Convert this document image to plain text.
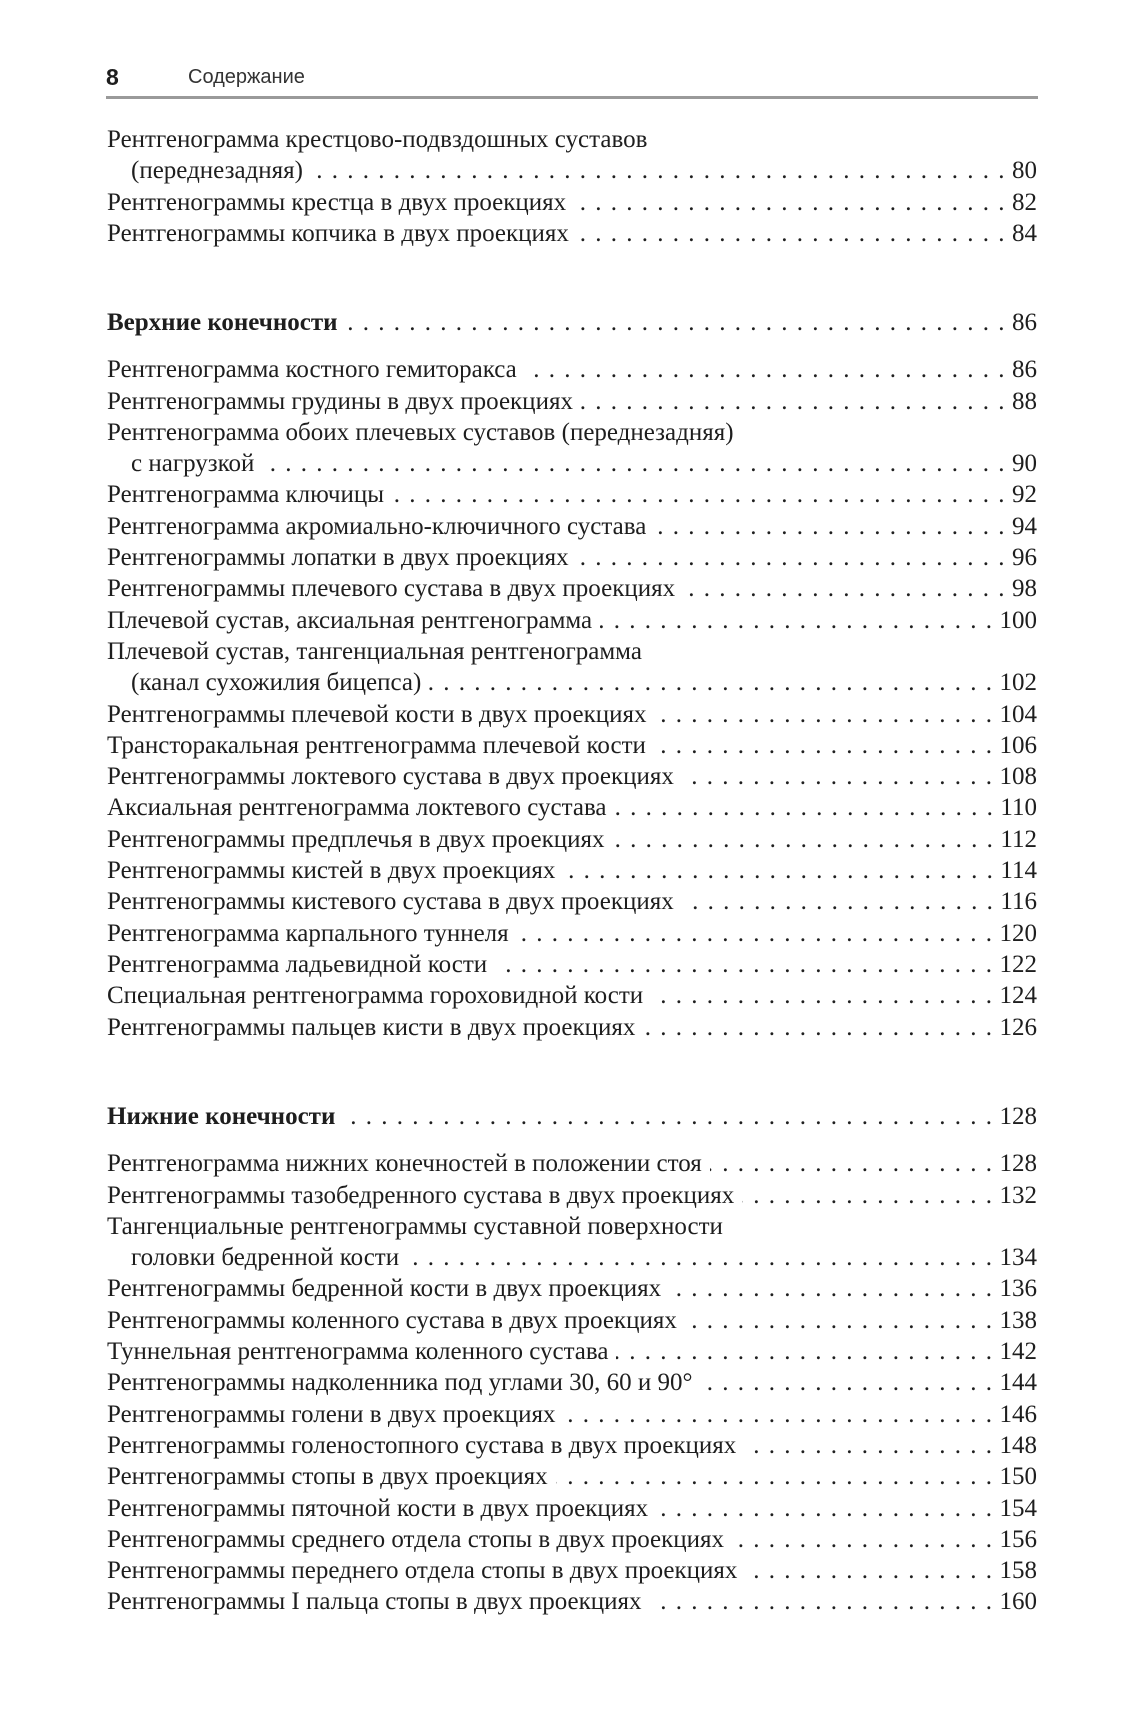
8	Содержание
Рентгенограмма крестцово-подвздошных суставов
(переднезадняя) . . .	80
Рентгенограммы крестца в двух проекциях . . .	82
Рентгенограммы копчика в двух проекциях . . .	84
Верхние конечности . . .	86
Рентгенограмма костного гемиторакса . . .	86
Рентгенограммы грудины в двух проекциях . . .	88
Рентгенограмма обоих плечевых суставов (переднезадняя)
с нагрузкой . . .	90
Рентгенограмма ключицы . . .	92
Рентгенограмма акромиально-ключичного сустава . . .	94
Рентгенограммы лопатки в двух проекциях . . .	96
Рентгенограммы плечевого сустава в двух проекциях . . .	98
Плечевой сустав, аксиальная рентгенограмма . . .	100
Плечевой сустав, тангенциальная рентгенограмма
(канал сухожилия бицепса) . . .	102
Рентгенограммы плечевой кости в двух проекциях . . .	104
Трансторакальная рентгенограмма плечевой кости . . .	106
Рентгенограммы локтевого сустава в двух проекциях . . .	108
Аксиальная рентгенограмма локтевого сустава . . .	110
Рентгенограммы предплечья в двух проекциях . . .	112
Рентгенограммы кистей в двух проекциях . . .	114
Рентгенограммы кистевого сустава в двух проекциях . . .	116
Рентгенограмма карпального туннеля . . .	120
Рентгенограмма ладьевидной кости . . .	122
Специальная рентгенограмма гороховидной кости . . .	124
Рентгенограммы пальцев кисти в двух проекциях . . .	126
Нижние конечности . . .	128
Рентгенограмма нижних конечностей в положении стоя . . .	128
Рентгенограммы тазобедренного сустава в двух проекциях . . .	132
Тангенциальные рентгенограммы суставной поверхности
головки бедренной кости . . .	134
Рентгенограммы бедренной кости в двух проекциях . . .	136
Рентгенограммы коленного сустава в двух проекциях . . .	138
Туннельная рентгенограмма коленного сустава . . .	142
Рентгенограммы надколенника под углами 30, 60 и 90° . . .	144
Рентгенограммы голени в двух проекциях . . .	146
Рентгенограммы голеностопного сустава в двух проекциях . . .	148
Рентгенограммы стопы в двух проекциях . . .	150
Рентгенограммы пяточной кости в двух проекциях . . .	154
Рентгенограммы среднего отдела стопы в двух проекциях . . .	156
Рентгенограммы переднего отдела стопы в двух проекциях . . .	158
Рентгенограммы I пальца стопы в двух проекциях . . .	160
